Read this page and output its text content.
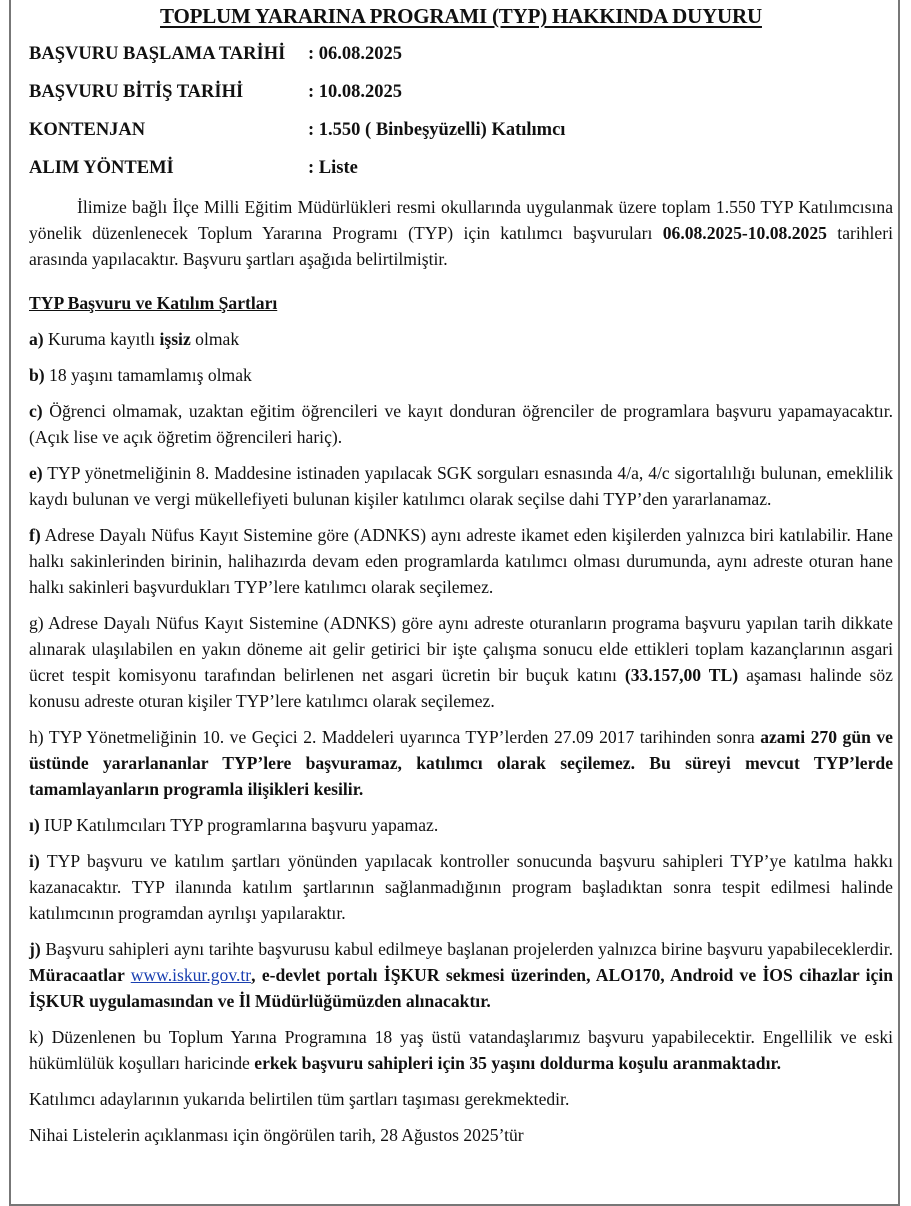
TOPLUM YARARINA PROGRAMI (TYP) HAKKINDA DUYURU
BAŞVURU BAŞLAMA TARİHİ	: 06.08.2025
BAŞVURU BİTİŞ TARİHİ	: 10.08.2025
KONTENJAN	: 1.550 ( Binbeşyüzelli) Katılımcı
ALIM YÖNTEMİ	: Liste

İlimize bağlı İlçe Milli Eğitim Müdürlükleri resmi okullarında uygulanmak üzere toplam 1.550 TYP Katılımcısına yönelik düzenlenecek Toplum Yararına Programı (TYP) için katılımcı başvuruları 06.08.2025-10.08.2025 tarihleri arasında yapılacaktır. Başvuru şartları aşağıda belirtilmiştir.

TYP Başvuru ve Katılım Şartları

a) Kuruma kayıtlı işsiz olmak

b) 18 yaşını tamamlamış olmak

c) Öğrenci olmamak, uzaktan eğitim öğrencileri ve kayıt donduran öğrenciler de programlara başvuru yapamayacaktır. (Açık lise ve açık öğretim öğrencileri hariç).

e) TYP yönetmeliğinin 8. Maddesine istinaden yapılacak SGK sorguları esnasında 4/a, 4/c sigortalılığı bulunan, emeklilik kaydı bulunan ve vergi mükellefiyeti bulunan kişiler katılımcı olarak seçilse dahi TYP’den yararlanamaz.

f) Adrese Dayalı Nüfus Kayıt Sistemine göre (ADNKS) aynı adreste ikamet eden kişilerden yalnızca biri katılabilir. Hane halkı sakinlerinden birinin, halihazırda devam eden programlarda katılımcı olması durumunda, aynı adreste oturan hane halkı sakinleri başvurdukları TYP’lere katılımcı olarak seçilemez.

g) Adrese Dayalı Nüfus Kayıt Sistemine (ADNKS) göre aynı adreste oturanların programa başvuru yapılan tarih dikkate alınarak ulaşılabilen en yakın döneme ait gelir getirici bir işte çalışma sonucu elde ettikleri toplam kazançlarının asgari ücret tespit komisyonu tarafından belirlenen net asgari ücretin bir buçuk katını (33.157,00 TL) aşaması halinde söz konusu adreste oturan kişiler TYP’lere katılımcı olarak seçilemez.

h) TYP Yönetmeliğinin 10. ve Geçici 2. Maddeleri uyarınca TYP’lerden 27.09 2017 tarihinden sonra azami 270 gün ve üstünde yararlananlar TYP’lere başvuramaz, katılımcı olarak seçilemez. Bu süreyi mevcut TYP’lerde tamamlayanların programla ilişikleri kesilir.

ı) IUP Katılımcıları TYP programlarına başvuru yapamaz.

i) TYP başvuru ve katılım şartları yönünden yapılacak kontroller sonucunda başvuru sahipleri TYP’ye katılma hakkı kazanacaktır. TYP ilanında katılım şartlarının sağlanmadığının program başladıktan sonra tespit edilmesi halinde katılımcının programdan ayrılışı yapılaraktır.

j) Başvuru sahipleri aynı tarihte başvurusu kabul edilmeye başlanan projelerden yalnızca birine başvuru yapabileceklerdir. Müracaatlar www.iskur.gov.tr, e-devlet portalı İŞKUR sekmesi üzerinden, ALO170, Android ve İOS cihazlar için İŞKUR uygulamasından ve İl Müdürlüğümüzden alınacaktır.

k) Düzenlenen bu Toplum Yarına Programına 18 yaş üstü vatandaşlarımız başvuru yapabilecektir. Engellilik ve eski hükümlülük koşulları haricinde erkek başvuru sahipleri için 35 yaşını doldurma koşulu aranmaktadır.

Katılımcı adaylarının yukarıda belirtilen tüm şartları taşıması gerekmektedir.

Nihai Listelerin açıklanması için öngörülen tarih, 28 Ağustos 2025’tür
